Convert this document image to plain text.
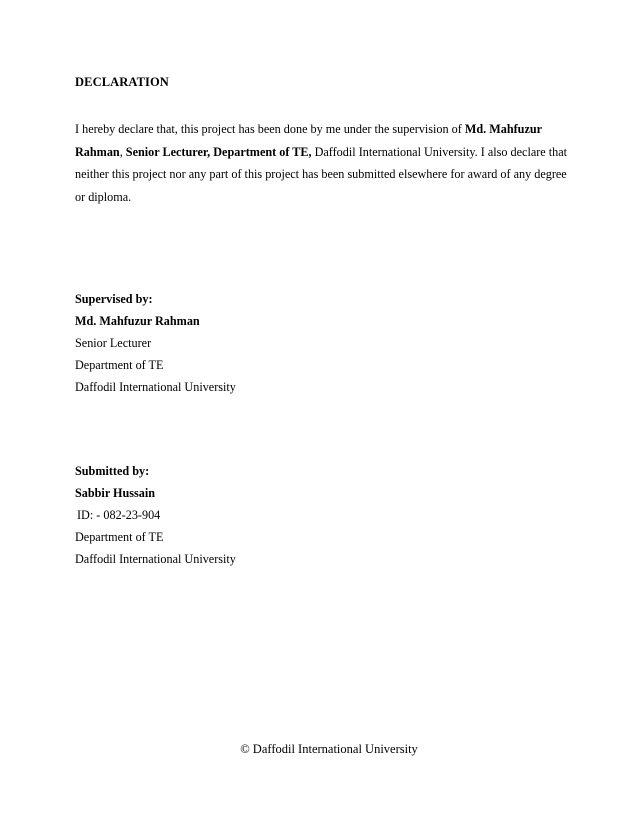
DECLARATION
I hereby declare that, this project has been done by me under the supervision of Md. Mahfuzur Rahman, Senior Lecturer, Department of TE, Daffodil International University. I also declare that neither this project nor any part of this project has been submitted elsewhere for award of any degree or diploma.
Supervised by:
Md. Mahfuzur Rahman
Senior Lecturer
Department of TE
Daffodil International University
Submitted by:
Sabbir Hussain
ID: - 082-23-904
Department of TE
Daffodil International University
© Daffodil International University
